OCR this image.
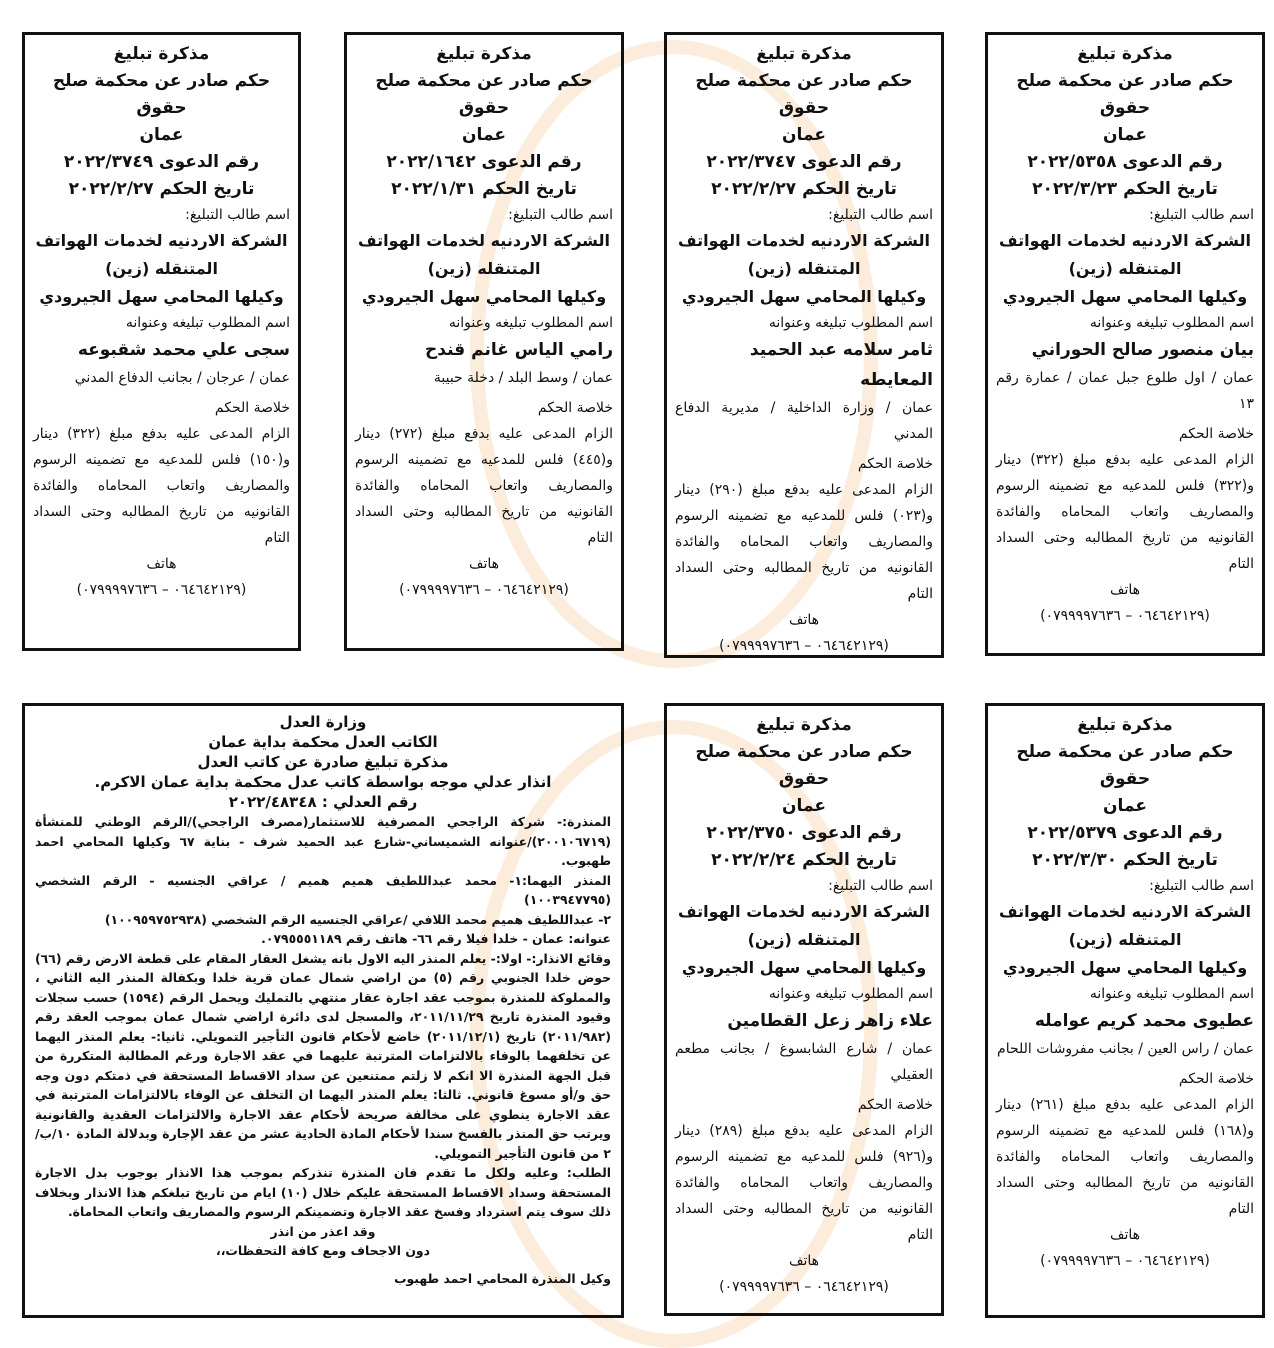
مذكرة تبليغ
حكم صادر عن محكمة صلح حقوق
عمان
رقم الدعوى ٢٠٢٢/٥٣٥٨
تاريخ الحكم ٢٠٢٢/٣/٢٣
اسم طالب التبليغ:
الشركة الاردنيه لخدمات الهواتف
المتنقله (زين)
وكيلها المحامي سهل الجيرودي
اسم المطلوب تبليغه وعنوانه
بيان منصور صالح الحوراني
عمان / اول طلوع جبل عمان / عمارة رقم ١٣
خلاصة الحكم
الزام المدعى عليه بدفع مبلغ (٣٢٢) دينار و(٣٢٢) فلس للمدعيه مع تضمينه الرسوم والمصاريف واتعاب المحاماه والفائدة القانونيه من تاريخ المطالبه وحتى السداد التام
هاتف
(٠٦٤٦٤٢١٢٩ – ٠٧٩٩٩٩٧٦٣٦)
مذكرة تبليغ
حكم صادر عن محكمة صلح حقوق
عمان
رقم الدعوى ٢٠٢٢/٣٧٤٧
تاريخ الحكم ٢٠٢٢/٢/٢٧
اسم طالب التبليغ:
الشركة الاردنيه لخدمات الهواتف
المتنقله (زين)
وكيلها المحامي سهل الجيرودي
اسم المطلوب تبليغه وعنوانه
ثامر سلامه عبد الحميد المعايطه
عمان / وزارة الداخلية / مديرية الدفاع المدني
خلاصة الحكم
الزام المدعى عليه بدفع مبلغ (٢٩٠) دينار و(٠٢٣) فلس للمدعيه مع تضمينه الرسوم والمصاريف واتعاب المحاماه والفائدة القانونيه من تاريخ المطالبه وحتى السداد التام
هاتف
(٠٦٤٦٤٢١٢٩ – ٠٧٩٩٩٩٧٦٣٦)
مذكرة تبليغ
حكم صادر عن محكمة صلح حقوق
عمان
رقم الدعوى ٢٠٢٢/١٦٤٢
تاريخ الحكم ٢٠٢٢/١/٣١
اسم طالب التبليغ:
الشركة الاردنيه لخدمات الهواتف
المتنقله (زين)
وكيلها المحامي سهل الجيرودي
اسم المطلوب تبليغه وعنوانه
رامي الياس غانم قندح
عمان / وسط البلد / دخلة حبيبة
خلاصة الحكم
الزام المدعى عليه بدفع مبلغ (٢٧٢) دينار و(٤٤٥) فلس للمدعيه مع تضمينه الرسوم والمصاريف واتعاب المحاماه والفائدة القانونيه من تاريخ المطالبه وحتى السداد التام
هاتف
(٠٦٤٦٤٢١٢٩ – ٠٧٩٩٩٩٧٦٣٦)
مذكرة تبليغ
حكم صادر عن محكمة صلح حقوق
عمان
رقم الدعوى ٢٠٢٢/٣٧٤٩
تاريخ الحكم ٢٠٢٢/٢/٢٧
اسم طالب التبليغ:
الشركة الاردنيه لخدمات الهواتف
المتنقله (زين)
وكيلها المحامي سهل الجيرودي
اسم المطلوب تبليغه وعنوانه
سجى علي محمد شقبوعه
عمان / عرجان / بجانب الدفاع المدني
خلاصة الحكم
الزام المدعى عليه بدفع مبلغ (٣٢٢) دينار و(١٥٠) فلس للمدعيه مع تضمينه الرسوم والمصاريف واتعاب المحاماه والفائدة القانونيه من تاريخ المطالبه وحتى السداد التام
هاتف
(٠٦٤٦٤٢١٢٩ – ٠٧٩٩٩٩٧٦٣٦)
مذكرة تبليغ
حكم صادر عن محكمة صلح حقوق
عمان
رقم الدعوى ٢٠٢٢/٥٣٧٩
تاريخ الحكم ٢٠٢٢/٣/٣٠
اسم طالب التبليغ:
الشركة الاردنيه لخدمات الهواتف
المتنقله (زين)
وكيلها المحامي سهل الجيرودي
اسم المطلوب تبليغه وعنوانه
عطيوى محمد كريم عوامله
عمان / راس العين / بجانب مفروشات اللحام
خلاصة الحكم
الزام المدعى عليه بدفع مبلغ (٢٦١) دينار و(١٦٨) فلس للمدعيه مع تضمينه الرسوم والمصاريف واتعاب المحاماه والفائدة القانونيه من تاريخ المطالبه وحتى السداد التام
هاتف
(٠٦٤٦٤٢١٢٩ – ٠٧٩٩٩٩٧٦٣٦)
مذكرة تبليغ
حكم صادر عن محكمة صلح حقوق
عمان
رقم الدعوى ٢٠٢٢/٣٧٥٠
تاريخ الحكم ٢٠٢٢/٢/٢٤
اسم طالب التبليغ:
الشركة الاردنيه لخدمات الهواتف
المتنقله (زين)
وكيلها المحامي سهل الجيرودي
اسم المطلوب تبليغه وعنوانه
علاء زاهر زعل القطامين
عمان / شارع الشابسوغ / بجانب مطعم العقيلي
خلاصة الحكم
الزام المدعى عليه بدفع مبلغ (٢٨٩) دينار و(٩٢٦) فلس للمدعيه مع تضمينه الرسوم والمصاريف واتعاب المحاماه والفائدة القانونيه من تاريخ المطالبه وحتى السداد التام
هاتف
(٠٦٤٦٤٢١٢٩ – ٠٧٩٩٩٩٧٦٣٦)
وزارة العدل
الكاتب العدل محكمة بداية عمان
مذكرة تبليغ صادرة عن كاتب العدل
انذار عدلي موجه بواسطة كاتب عدل محكمة بداية عمان الاكرم.
رقم العدلي : ٢٠٢٢/٤٨٣٤٨

المنذرة:- شركة الراجحي المصرفية للاستثمار(مصرف الراجحي)/الرقم الوطني للمنشأة (٢٠٠١٠٦٧١٩)/عنوانه الشميساني-شارع عبد الحميد شرف - بناية ٦٧ وكيلها المحامي احمد طهبوب.

المنذر اليهما:١- محمد عبداللطيف هميم هميم / عراقي الجنسيه - الرقم الشخصي (١٠٠٣٩٤٧٧٩٥)

٢- عبداللطيف هميم محمد اللافي /عراقي الجنسيه الرقم الشخصي (١٠٠٩٥٩٧٥٢٩٣٨)

عنوانه: عمان - خلدا فيلا رقم ٦٦- هاتف رقم ٠٧٩٥٥٥١١٨٩.

وقائع الانذار:- اولا:- يعلم المنذر اليه الاول بانه يشغل العقار المقام على قطعة الارض رقم (٦٦) حوض خلدا الجنوبي رقم (٥) من اراضي شمال عمان قرية خلدا وبكفالة المنذر اليه الثاني ، والمملوكة للمنذرة بموجب عقد اجارة عقار منتهي بالتمليك ويحمل الرقم (١٥٩٤) حسب سجلات وقيود المنذرة تاريخ ٢٠١١/١١/٢٩، والمسجل لدى دائرة اراضي شمال عمان بموجب العقد رقم (٢٠١١/٩٨٢) تاريخ (٢٠١١/١٢/١) خاضع لأحكام قانون التأجير التمويلي. ثانيا:- يعلم المنذر اليهما عن تخلفهما بالوفاء بالالتزامات المترتبة عليهما في عقد الاجارة ورغم المطالبة المتكررة من قبل الجهة المنذرة الا انكم لا زلتم ممتنعين عن سداد الاقساط المستحقة في ذمتكم دون وجه حق و/أو مسوغ قانوني. ثالثا: يعلم المنذر اليهما ان التخلف عن الوفاء بالالتزامات المترتبة في عقد الاجارة ينطوي على مخالفة صريحة لأحكام عقد الاجارة والالتزامات العقدية والقانونية ويرتب حق المنذر بالفسخ سندا لأحكام المادة الحادية عشر من عقد الإجارة وبدلالة المادة ١٠/ب/٢ من قانون التأجير التمويلي.

الطلب: وعليه ولكل ما تقدم فان المنذرة تنذركم بموجب هذا الانذار بوجوب بدل الاجارة المستحقة وسداد الاقساط المستحقة عليكم خلال (١٠) ايام من تاريخ تبلغكم هذا الانذار وبخلاف ذلك سوف يتم استرداد وفسخ عقد الاجارة وتضمينكم الرسوم والمصاريف واتعاب المحاماة.

وقد اعذر من انذر

دون الاجحاف ومع كافة التحفظات،،

وكيل المنذرة المحامي احمد طهبوب
